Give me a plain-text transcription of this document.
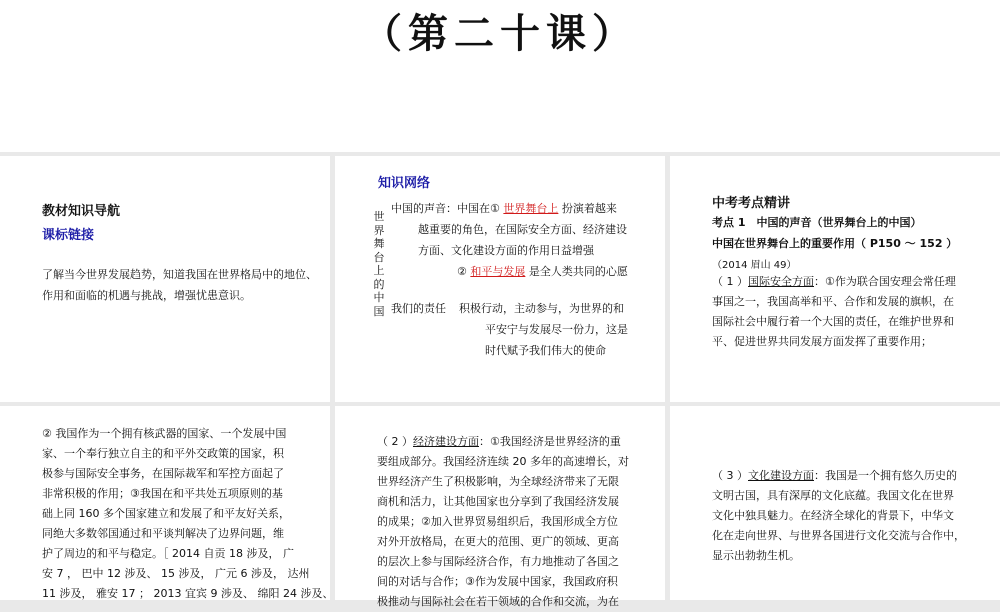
（第二十课）
教材知识导航
课标链接
了解当今世界发展趋势，知道我国在世界格局中的地位、作用和面临的机遇与挑战，增强忧患意识。
知识网络
世界舞台上的中国
中国的声音：中国在① 世界舞台上 扮演着越来
越重要的角色，在国际安全方面、经济建设
方面、文化建设方面的作用日益增强
② 和平与发展 是全人类共同的心愿
我们的责任 积极行动，主动参与，为世界的和
平安宁与发展尽一份力，这是
时代赋予我们伟大的使命
中考考点精讲
考点 1　中国的声音（世界舞台上的中国）
中国在世界舞台上的重要作用（ P150 ～ 152 ）
（2014 眉山 49）
（ 1 ）国际安全方面：①作为联合国安理会常任理
事国之一，我国高举和平、合作和发展的旗帜，在
国际社会中履行着一个大国的责任，在维护世界和
平、促进世界共同发展方面发挥了重要作用；
② 我国作为一个拥有核武器的国家、一个发展中国
家、一个奉行独立自主的和平外交政策的国家，积
极参与国际安全事务，在国际裁军和军控方面起了
非常积极的作用；③我国在和平共处五项原则的基
础上同 160 多个国家建立和发展了和平友好关系，
同绝大多数邻国通过和平谈判解决了边界问题，维
护了周边的和平与稳定。［ 2014 自贡 18 涉及， 广
安 7 ， 巴中 12 涉及、 15 涉及， 广元 6 涉及， 达州
11 涉及， 雅安 17 ； 2013 宜宾 9 涉及、 绵阳 24 涉及、
（ 2 ）经济建设方面：①我国经济是世界经济的重
要组成部分。我国经济连续 20 多年的高速增长，对
世界经济产生了积极影响，为全球经济带来了无限
商机和活力，让其他国家也分享到了我国经济发展
的成果；②加入世界贸易组织后，我国形成全方位
对外开放格局，在更大的范围、更广的领域、更高
的层次上参与国际经济合作，有力地推动了各国之
间的对话与合作；③作为发展中国家，我国政府积
极推动与国际社会在若干领域的合作和交流，为在
（ 3 ）文化建设方面：我国是一个拥有悠久历史的
文明古国，具有深厚的文化底蕴。我国文化在世界
文化中独具魅力。在经济全球化的背景下，中华文
化在走向世界、与世界各国进行文化交流与合作中，
显示出勃勃生机。
